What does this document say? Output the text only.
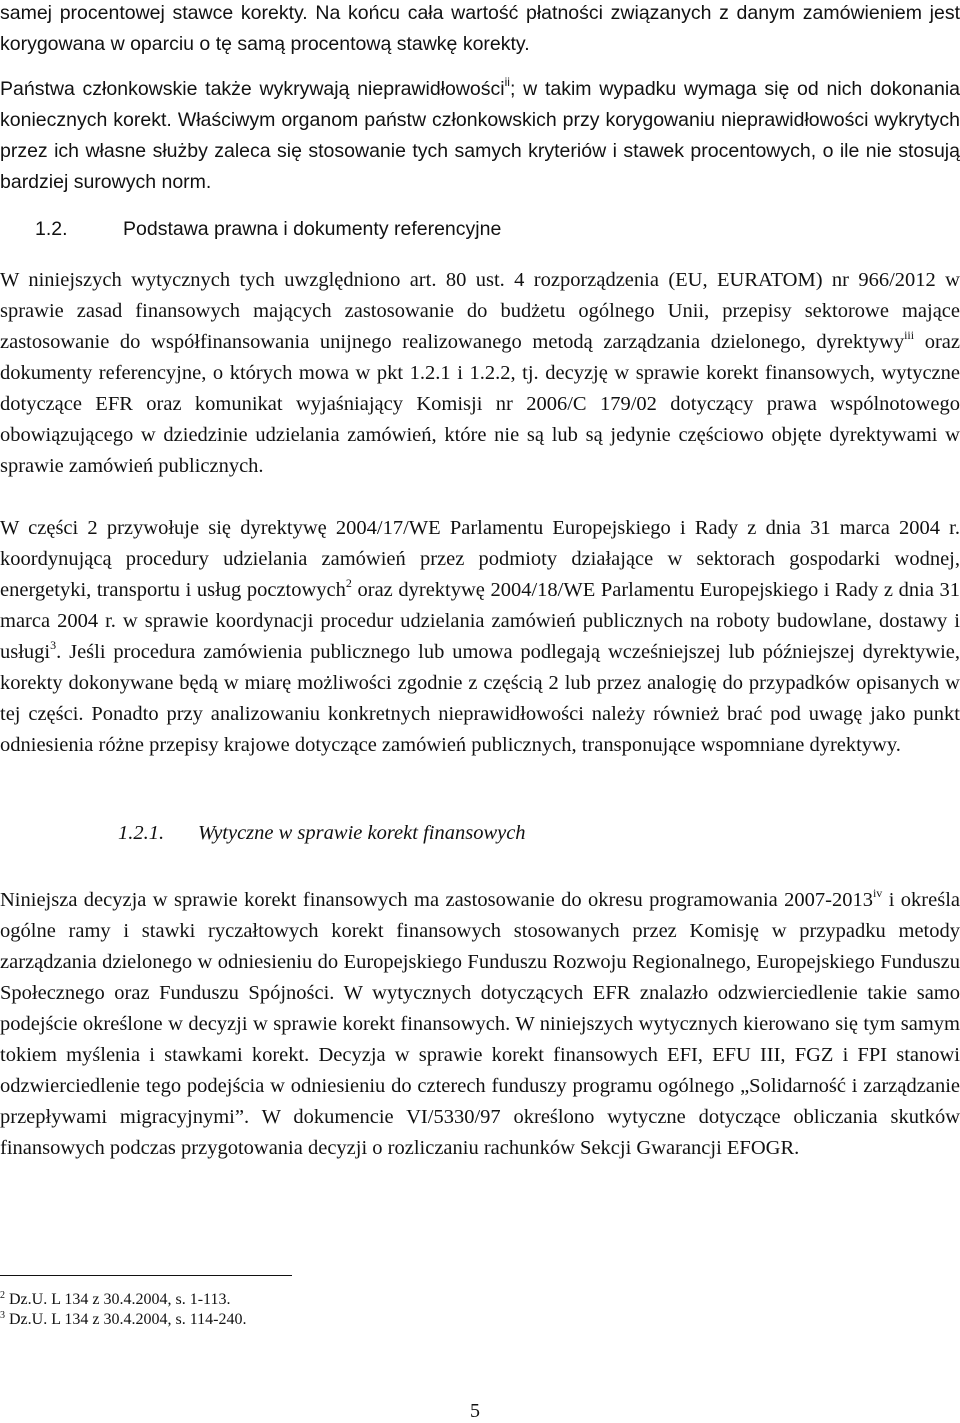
samej procentowej stawce korekty. Na końcu cała wartość płatności związanych z danym zamówieniem jest korygowana w oparciu o tę samą procentową stawkę korekty.

Państwa członkowskie także wykrywają nieprawidłowości$^{ii}$; w takim wypadku wymaga się od nich dokonania koniecznych korekt. Właściwym organom państw członkowskich przy korygowaniu nieprawidłowości wykrytych przez ich własne służby zaleca się stosowanie tych samych kryteriów i stawek procentowych, o ile nie stosują bardziej surowych norm.

1.2.	Podstawa prawna i dokumenty referencyjne

W niniejszych wytycznych tych uwzględniono art. 80 ust. 4 rozporządzenia (EU, EURATOM) nr 966/2012 w sprawie zasad finansowych mających zastosowanie do budżetu ogólnego Unii, przepisy sektorowe mające zastosowanie do współfinansowania unijnego realizowanego metodą zarządzania dzielonego, dyrektywy$^{iii}$ oraz dokumenty referencyjne, o których mowa w pkt 1.2.1 i 1.2.2, tj. decyzję w sprawie korekt finansowych, wytyczne dotyczące EFR oraz komunikat wyjaśniający Komisji nr 2006/C 179/02 dotyczący prawa wspólnotowego obowiązującego w dziedzinie udzielania zamówień, które nie są lub są jedynie częściowo objęte dyrektywami w sprawie zamówień publicznych.

W części 2 przywołuje się dyrektywę 2004/17/WE Parlamentu Europejskiego i Rady z dnia 31 marca 2004 r. koordynującą procedury udzielania zamówień przez podmioty działające w sektorach gospodarki wodnej, energetyki, transportu i usług pocztowych$^2$ oraz dyrektywę 2004/18/WE Parlamentu Europejskiego i Rady z dnia 31 marca 2004 r. w sprawie koordynacji procedur udzielania zamówień publicznych na roboty budowlane, dostawy i usługi$^3$. Jeśli procedura zamówienia publicznego lub umowa podlegają wcześniejszej lub późniejszej dyrektywie, korekty dokonywane będą w miarę możliwości zgodnie z częścią 2 lub przez analogię do przypadków opisanych w tej części. Ponadto przy analizowaniu konkretnych nieprawidłowości należy również brać pod uwagę jako punkt odniesienia różne przepisy krajowe dotyczące zamówień publicznych, transponujące wspomniane dyrektywy.

1.2.1. Wytyczne w sprawie korekt finansowych

Niniejsza decyzja w sprawie korekt finansowych ma zastosowanie do okresu programowania 2007-2013$^{iv}$ i określa ogólne ramy i stawki ryczałtowych korekt finansowych stosowanych przez Komisję w przypadku metody zarządzania dzielonego w odniesieniu do Europejskiego Funduszu Rozwoju Regionalnego, Europejskiego Funduszu Społecznego oraz Funduszu Spójności. W wytycznych dotyczących EFR znalazło odzwierciedlenie takie samo podejście określone w decyzji w sprawie korekt finansowych. W niniejszych wytycznych kierowano się tym samym tokiem myślenia i stawkami korekt. Decyzja w sprawie korekt finansowych EFI, EFU III, FGZ i FPI stanowi odzwierciedlenie tego podejścia w odniesieniu do czterech funduszy programu ogólnego „Solidarność i zarządzanie przepływami migracyjnymi”. W dokumencie VI/5330/97 określono wytyczne dotyczące obliczania skutków finansowych podczas przygotowania decyzji o rozliczaniu rachunków Sekcji Gwarancji EFOGR.

$^2$ Dz.U. L 134 z 30.4.2004, s. 1-113.

$^3$ Dz.U. L 134 z 30.4.2004, s. 114-240.

5
